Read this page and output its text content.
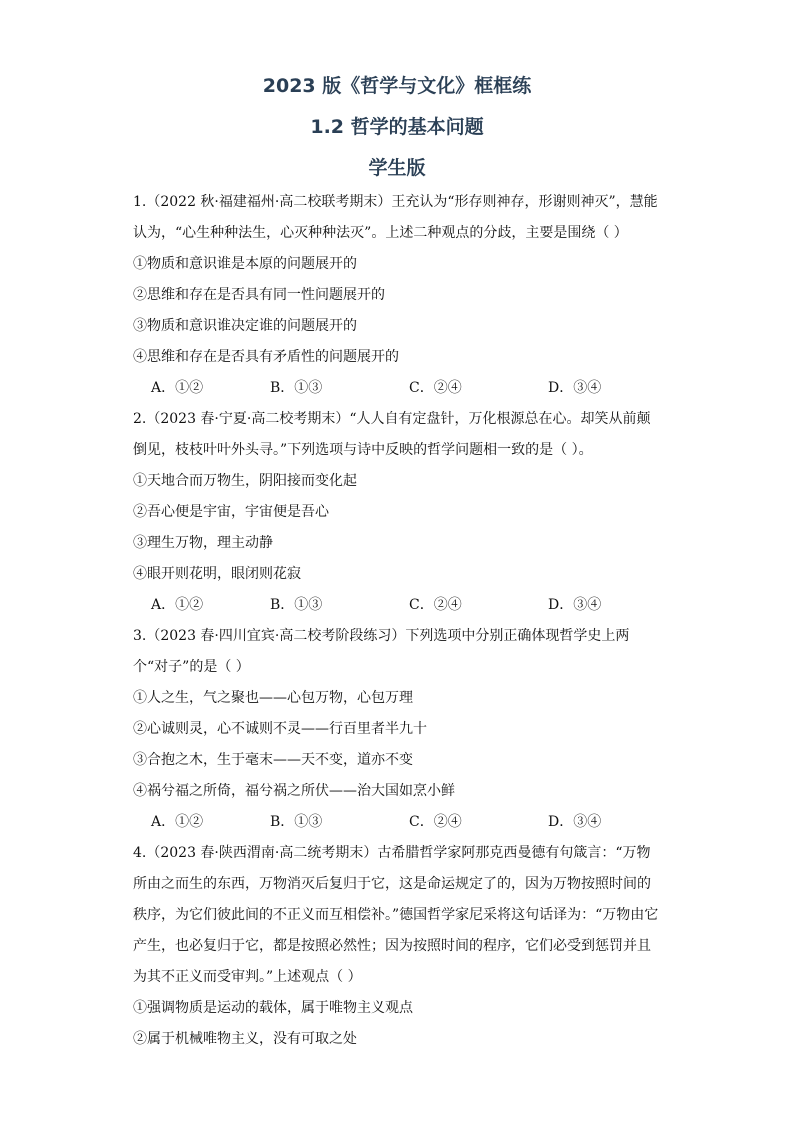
2023 版《哲学与文化》框框练
1.2 哲学的基本问题
学生版
1.（2022 秋·福建福州·高二校联考期末）王充认为“形存则神存，形谢则神灭”，慧能认为，“心生种种法生，心灭种种法灭”。上述二种观点的分歧，主要是围绕（ ）
①物质和意识谁是本原的问题展开的
②思维和存在是否具有同一性问题展开的
③物质和意识谁决定谁的问题展开的
④思维和存在是否具有矛盾性的问题展开的
A．①②	B．①③	C．②④	D．③④
2.（2023 春·宁夏·高二校考期末）“人人自有定盘针，万化根源总在心。却笑从前颠倒见，枝枝叶叶外头寻。”下列选项与诗中反映的哲学问题相一致的是（ ）。
①天地合而万物生，阴阳接而变化起
②吾心便是宇宙，宇宙便是吾心
③理生万物，理主动静
④眼开则花明，眼闭则花寂
A．①②	B．①③	C．②④	D．③④
3.（2023 春·四川宜宾·高二校考阶段练习）下列选项中分别正确体现哲学史上两个“对子”的是（ ）
①人之生，气之聚也——心包万物，心包万理
②心诚则灵，心不诚则不灵——行百里者半九十
③合抱之木，生于毫末——天不变，道亦不变
④祸兮福之所倚，福兮祸之所伏——治大国如烹小鲜
A．①②	B．①③	C．②④	D．③④
4.（2023 春·陕西渭南·高二统考期末）古希腊哲学家阿那克西曼德有句箴言：“万物所由之而生的东西，万物消灭后复归于它，这是命运规定了的，因为万物按照时间的秩序，为它们彼此间的不正义而互相偿补。”德国哲学家尼采将这句话译为：“万物由它产生，也必复归于它，都是按照必然性；因为按照时间的程序，它们必受到惩罚并且为其不正义而受审判。”上述观点（ ）
①强调物质是运动的载体，属于唯物主义观点
②属于机械唯物主义，没有可取之处
